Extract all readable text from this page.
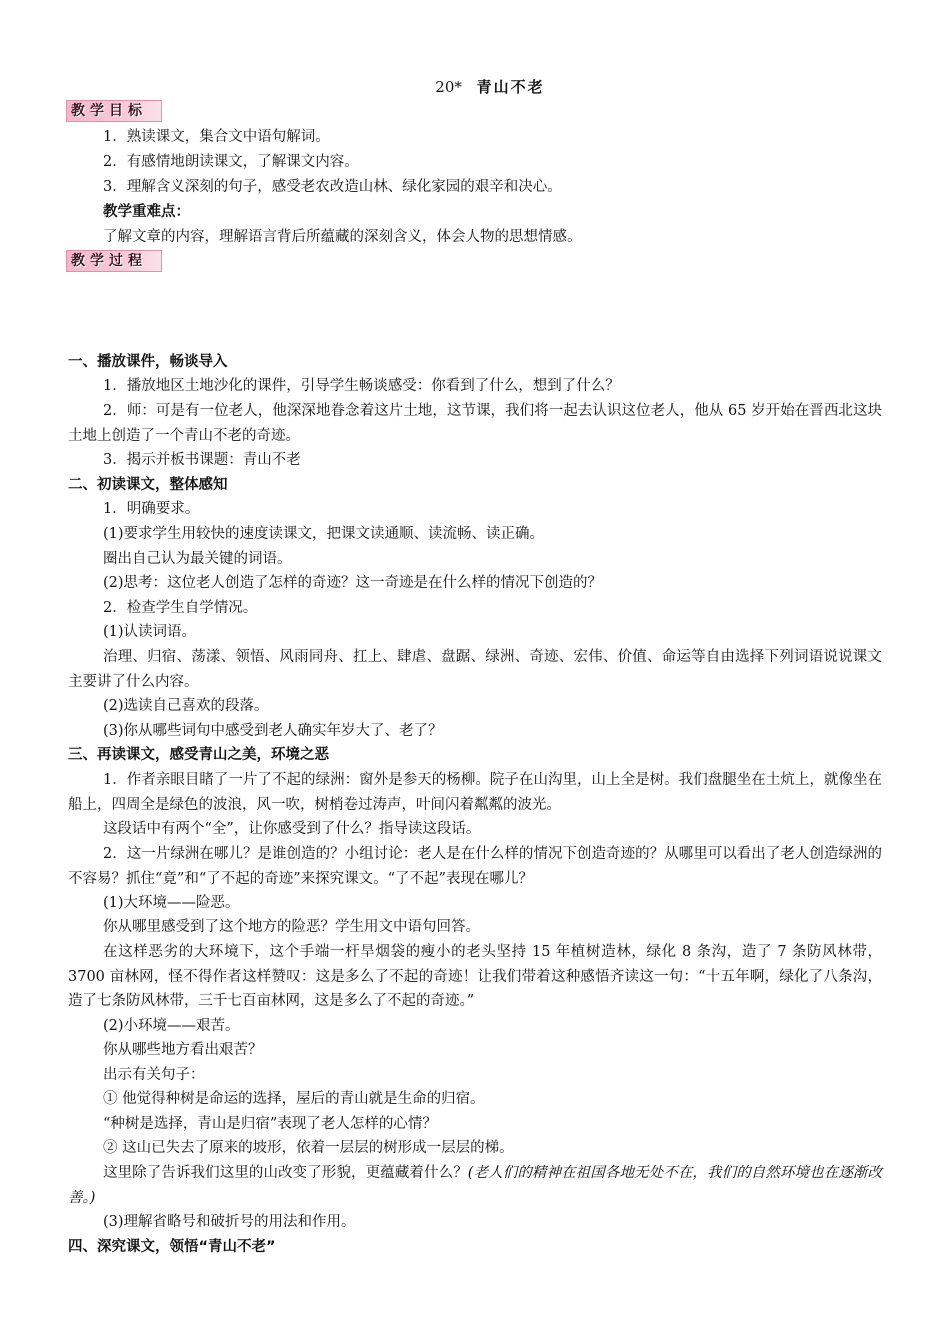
20* 青山不老
教学目标
1．熟读课文，集合文中语句解词。
2．有感情地朗读课文，了解课文内容。
3．理解含义深刻的句子，感受老农改造山林、绿化家园的艰辛和决心。
教学重难点：
了解文章的内容，理解语言背后所蕴藏的深刻含义，体会人物的思想情感。
教学过程
一、播放课件，畅谈导入
1．播放地区土地沙化的课件，引导学生畅谈感受：你看到了什么，想到了什么？
2．师：可是有一位老人，他深深地眷念着这片土地，这节课，我们将一起去认识这位老人，他从 65 岁开始在晋西北这块土地上创造了一个青山不老的奇迹。
3．揭示并板书课题：青山不老
二、初读课文，整体感知
1．明确要求。
(1)要求学生用较快的速度读课文，把课文读通顺、读流畅、读正确。
圈出自己认为最关键的词语。
(2)思考：这位老人创造了怎样的奇迹？这一奇迹是在什么样的情况下创造的？
2．检查学生自学情况。
(1)认读词语。
治理、归宿、荡漾、领悟、风雨同舟、扛上、肆虐、盘踞、绿洲、奇迹、宏伟、价值、命运等自由选择下列词语说说课文主要讲了什么内容。
(2)选读自己喜欢的段落。
(3)你从哪些词句中感受到老人确实年岁大了、老了？
三、再读课文，感受青山之美，环境之恶
1．作者亲眼目睹了一片了不起的绿洲：窗外是参天的杨柳。院子在山沟里，山上全是树。我们盘腿坐在土炕上，就像坐在船上，四周全是绿色的波浪，风一吹，树梢卷过涛声，叶间闪着粼粼的波光。
这段话中有两个“全”，让你感受到了什么？指导读这段话。
2．这一片绿洲在哪儿？是谁创造的？小组讨论：老人是在什么样的情况下创造奇迹的？从哪里可以看出了老人创造绿洲的不容易？抓住“竟”和“了不起的奇迹”来探究课文。“了不起”表现在哪儿？
(1)大环境——险恶。
你从哪里感受到了这个地方的险恶？学生用文中语句回答。
在这样恶劣的大环境下，这个手端一杆旱烟袋的瘦小的老头坚持 15 年植树造林，绿化 8 条沟，造了 7 条防风林带，3700 亩林网，怪不得作者这样赞叹：这是多么了不起的奇迹！让我们带着这种感悟齐读这一句：“十五年啊，绿化了八条沟，造了七条防风林带，三千七百亩林网，这是多么了不起的奇迹。”
(2)小环境——艰苦。
你从哪些地方看出艰苦？
出示有关句子：
① 他觉得种树是命运的选择，屋后的青山就是生命的归宿。
“种树是选择，青山是归宿”表现了老人怎样的心情？
② 这山已失去了原来的坡形，依着一层层的树形成一层层的梯。
这里除了告诉我们这里的山改变了形貌，更蕴藏着什么？(老人们的精神在祖国各地无处不在，我们的自然环境也在逐渐改善。)
(3)理解省略号和破折号的用法和作用。
四、深究课文，领悟“青山不老”
